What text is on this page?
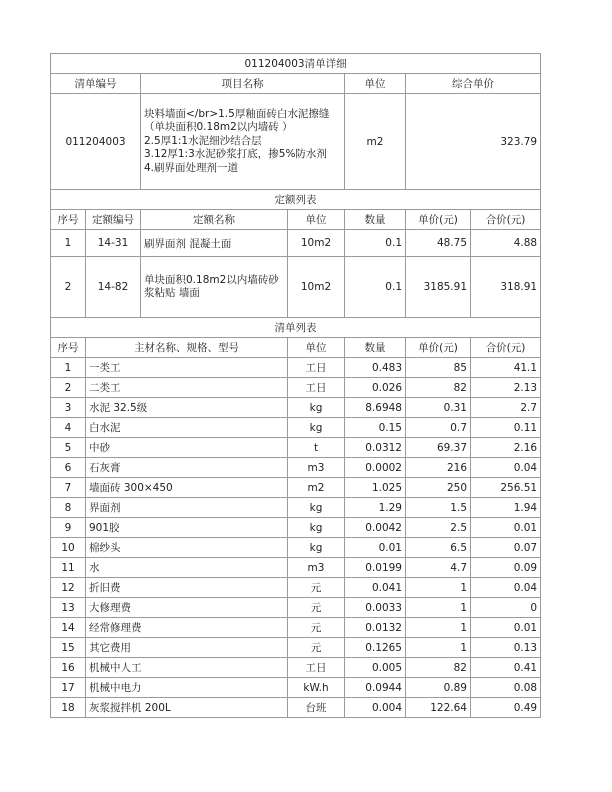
011204003清单详细						
清单编号		项目名称		单位	综合单价	
011204003		块料墙面</br>1.5厚釉面砖白水泥擦缝（单块面积0.18m2以内墙砖 ）
2.5厚1:1水泥细沙结合层
3.12厚1:3水泥砂浆打底，掺5%防水剂
4.刷界面处理剂一道		m2	323.79	
定额列表						
序号	定额编号	定额名称	单位	数量	单价(元)	合价(元)
1	14-31	刷界面剂 混凝土面	10m2	0.1	48.75	4.88
2	14-82	单块面积0.18m2以内墙砖砂浆粘贴 墙面	10m2	0.1	3185.91	318.91
清单列表						
序号	主材名称、规格、型号		单位	数量	单价(元)	合价(元)
1	一类工		工日	0.483	85	41.1
2	二类工		工日	0.026	82	2.13
3	水泥 32.5级		kg	8.6948	0.31	2.7
4	白水泥		kg	0.15	0.7	0.11
5	中砂		t	0.0312	69.37	2.16
6	石灰膏		m3	0.0002	216	0.04
7	墙面砖 300×450		m2	1.025	250	256.51
8	界面剂		kg	1.29	1.5	1.94
9	901胶		kg	0.0042	2.5	0.01
10	棉纱头		kg	0.01	6.5	0.07
11	水		m3	0.0199	4.7	0.09
12	折旧费		元	0.041	1	0.04
13	大修理费		元	0.0033	1	0
14	经常修理费		元	0.0132	1	0.01
15	其它费用		元	0.1265	1	0.13
16	机械中人工		工日	0.005	82	0.41
17	机械中电力		kW.h	0.0944	0.89	0.08
18	灰浆搅拌机 200L		台班	0.004	122.64	0.49
